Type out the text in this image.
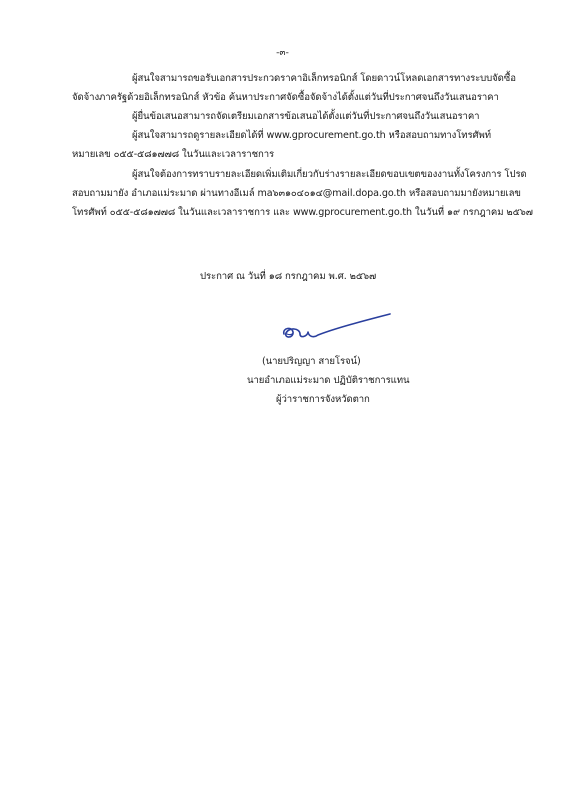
-๓-
ผู้สนใจสามารถขอรับเอกสารประกวดราคาอิเล็กทรอนิกส์ โดยดาวน์โหลดเอกสารทางระบบจัดซื้อ
จัดจ้างภาครัฐด้วยอิเล็กทรอนิกส์ หัวข้อ ค้นหาประกาศจัดซื้อจัดจ้างได้ตั้งแต่วันที่ประกาศจนถึงวันเสนอราคา
ผู้ยื่นข้อเสนอสามารถจัดเตรียมเอกสารข้อเสนอได้ตั้งแต่วันที่ประกาศจนถึงวันเสนอราคา
ผู้สนใจสามารถดูรายละเอียดได้ที่ www.gprocurement.go.th หรือสอบถามทางโทรศัพท์
หมายเลข ๐๕๕-๕๘๑๗๗๘ ในวันและเวลาราชการ
ผู้สนใจต้องการทราบรายละเอียดเพิ่มเติมเกี่ยวกับร่างรายละเอียดขอบเขตของงานทั้งโครงการ โปรด
สอบถามมายัง อำเภอแม่ระมาด ผ่านทางอีเมล์ ma๖๓๑๐๔๐๑๔@mail.dopa.go.th หรือสอบถามมายังหมายเลข
โทรศัพท์ ๐๕๕-๕๘๑๗๗๘ ในวันและเวลาราชการ และ www.gprocurement.go.th ในวันที่ ๑๙ กรกฎาคม ๒๕๖๗
ประกาศ ณ วันที่ ๑๘ กรกฎาคม พ.ศ. ๒๕๖๗
(นายปริญญา สายโรจน์)
นายอำเภอแม่ระมาด ปฏิบัติราชการแทน
ผู้ว่าราชการจังหวัดตาก
